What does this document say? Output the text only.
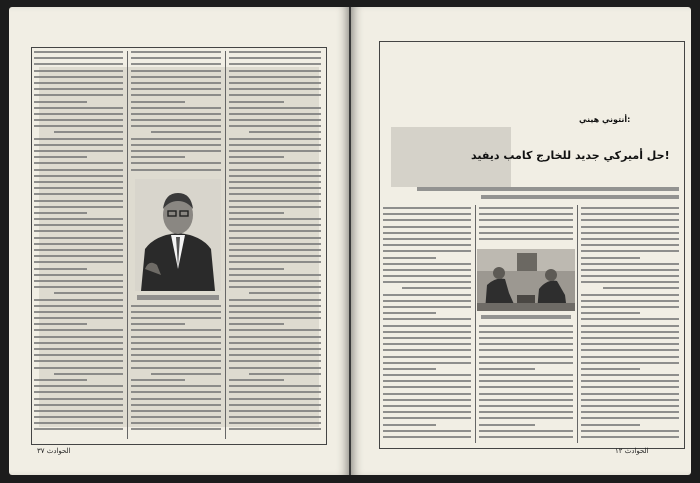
الحوادث ٣٧
أنتوني هيني:
حل أميركي جديد للخارج كامب ديفيد!
الحوادث ١٢
